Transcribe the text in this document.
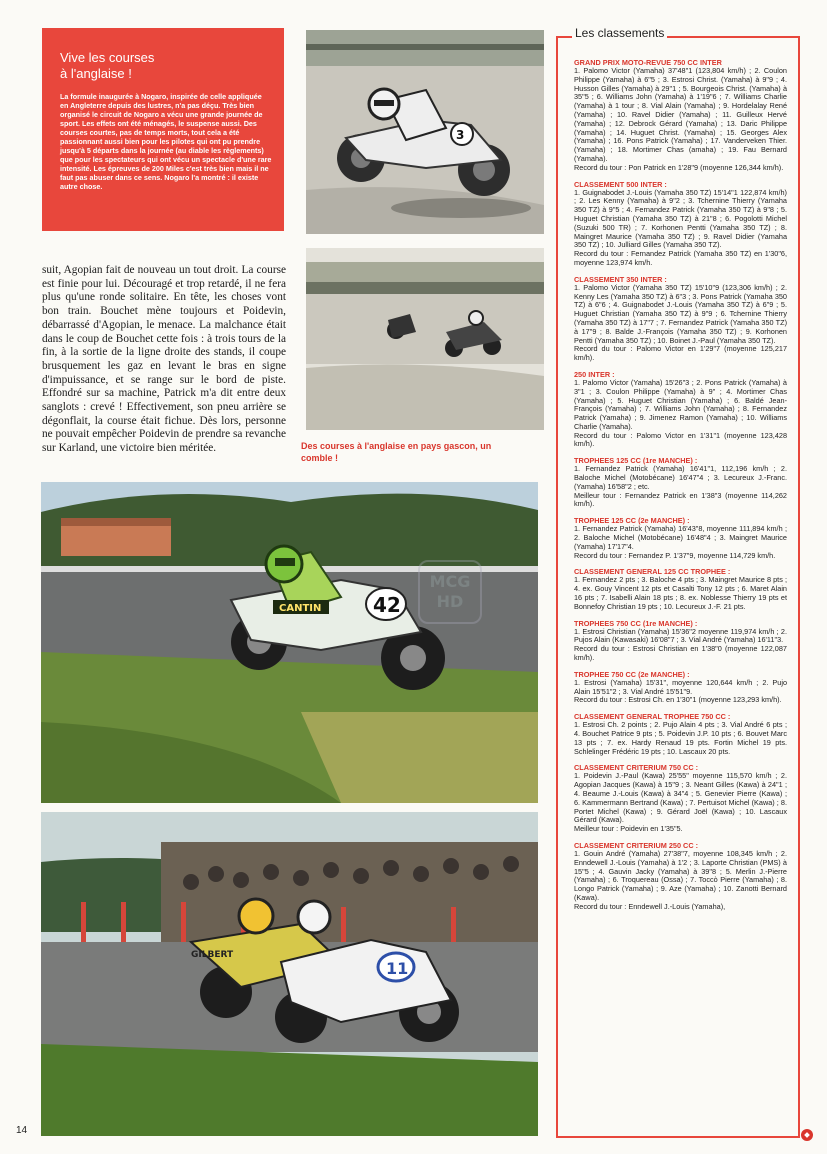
Vive les courses
à l'anglaise !

La formule inaugurée à Nogaro, inspirée de celle appliquée en Angleterre depuis des lustres, n'a pas déçu. Très bien organisé le circuit de Nogaro a vécu une grande journée de sport. Les effets ont été ménagés, le suspense aussi. Des courses courtes, pas de temps morts, tout cela a été passionnant aussi bien pour les pilotes qui ont pu prendre jusqu'à 5 départs dans la journée (au diable les règlements) que pour les spectateurs qui ont vécu un spectacle d'une rare intensité. Les épreuves de 200 Miles c'est très bien mais il ne faut pas abuser dans ce sens. Nogaro l'a montré : il existe autre chose.

3
suit, Agopian fait de nouveau un tout droit. La course est finie pour lui. Découragé et trop retardé, il ne fera plus qu'une ronde solitaire. En tête, les choses vont bon train. Bouchet mène toujours et Poidevin, débarrassé d'Agopian, le menace. La malchance était dans le coup de Bouchet cette fois : à trois tours de la fin, à la sortie de la ligne droite des stands, il coupe brusquement les gaz en levant le bras en signe d'impuissance, et se range sur le bord de piste. Effondré sur sa machine, Patrick m'a dit entre deux sanglots : crevé ! Effectivement, son pneu arrière se dégonflait, la course était fichue. Dès lors, personne ne pouvait empêcher Poidevin de prendre sa revanche sur Karland, une victoire bien méritée.	Des courses à l'anglaise en pays gascon, un comble !
CANTIN	42
MCG HD
11
GILBERT
GRAND PRIX MOTO-REVUE 750 CC INTER

1. Palomo Victor (Yamaha) 37'48"1 (123,804 km/h) ; 2. Coulon Philippe (Yamaha) à 6"5 ; 3. Estrosi Christ. (Yamaha) à 9"9 ; 4. Husson Gilles (Yamaha) à 29"1 ; 5. Bourgeois Christ. (Yamaha) à 35"5 ; 6. Williams John (Yamaha) à 1'19"6 ; 7. Williams Charlie (Yamaha) à 1 tour ; 8. Vial Alain (Yamaha) ; 9. Hordelalay René (Yamaha) ; 10. Ravel Didier (Yamaha) ; 11. Guilleux Hervé (Yamaha) ; 12. Debrock Gérard (Yamaha) ; 13. Daric Philippe (Yamaha) ; 14. Huguet Christ. (Yamaha) ; 15. Georges Alex (Yamaha) ; 16. Pons Patrick (Yamaha) ; 17. Vanderveken Thier. (Yamaha) ; 18. Mortimer Chas (amaha) ; 19. Fau Bernard (Yamaha).
Record du tour : Pon Patrick en 1'28"9 (moyenne 126,344 km/h).

CLASSEMENT 500 INTER :

1. Guignabodet J.-Louis (Yamaha 350 TZ) 15'14"1 122,874 km/h) ; 2. Les Kenny (Yamaha) à 9"2 ; 3. Tchernine Thierry (Yamaha 350 TZ) à 9"5 ; 4. Fernandez Patrick (Yamaha 350 TZ) à 9"8 ; 5. Huguet Christian (Yamaha 350 TZ) à 21"8 ; 6. Pogolotti Michel (Suzuki 500 TR) ; 7. Korhonen Pentti (Yamaha 350 TZ) ; 8. Maingret Maurice (Yamaha 350 TZ) ; 9. Ravel Didier (Yamaha 350 TZ) ; 10. Julliard Gilles (Yamaha 350 TZ).
Record du tour : Fernandez Patrick (Yamaha 350 TZ) en 1'30"6, moyenne 123,974 km/h.

CLASSEMENT 350 INTER :

1. Palomo Victor (Yamaha 350 TZ) 15'10"9 (123,306 km/h) ; 2. Kenny Les (Yamaha 350 TZ) à 6"3 ; 3. Pons Patrick (Yamaha 350 TZ) à 6"6 ; 4. Guignabodet J.-Louis (Yamaha 350 TZ) à 6"9 ; 5. Huguet Christian (Yamaha 350 TZ) à 9"9 ; 6. Tchernine Thierry (Yamaha 350 TZ) à 17"7 ; 7. Fernandez Patrick (Yamaha 350 TZ) à 17"9 ; 8. Balde J.-François (Yamaha 350 TZ) ; 9. Korhonen Pentti (Yamaha 350 TZ) ; 10. Boinet J.-Paul (Yamaha 350 TZ).
Record du tour : Palomo Victor en 1'29"7 (moyenne 125,217 km/h).

250 INTER :

1. Palomo Victor (Yamaha) 15'26"3 ; 2. Pons Patrick (Yamaha) à 3"1 ; 3. Coulon Philippe (Yamaha) à 9" ; 4. Mortimer Chas (Yamaha) ; 5. Huguet Christian (Yamaha) ; 6. Baldé Jean-François (Yamaha) ; 7. Williams John (Yamaha) ; 8. Fernandez Patrick (Yamaha) ; 9. Jimenez Ramon (Yamaha) ; 10. Williams Charlie (Yamaha).
Record du tour : Palomo Victor en 1'31"1 (moyenne 123,428 km/h).

TROPHEES 125 CC (1re MANCHE) :

1. Fernandez Patrick (Yamaha) 16'41"1, 112,196 km/h ; 2. Baloche Michel (Motobécane) 16'47"4 ; 3. Lecureux J.-Franc. (Yamaha) 16'58"2 ; etc.
Meilleur tour : Fernandez Patrick en 1'38"3 (moyenne 114,262 km/h).

TROPHEE 125 CC (2e MANCHE) :

1. Fernandez Patrick (Yamaha) 16'43"8, moyenne 111,894 km/h ; 2. Baloche Michel (Motobécane) 16'48"4 ; 3. Maingret Maurice (Yamaha) 17'17"4.
Record du tour : Fernandez P. 1'37"9, moyenne 114,729 km/h.

CLASSEMENT GENERAL 125 CC TROPHEE :

1. Fernandez 2 pts ; 3. Baloche 4 pts ; 3. Maingret Maurice 8 pts ; 4. ex. Gouy Vincent 12 pts et Casalti Tony 12 pts ; 6. Maret Alain 16 pts ; 7. Isabelli Alain 18 pts ; 8. ex. Noblesse Thierry 19 pts et Bonnefoy Christian 19 pts ; 10. Lecureux J.-F. 21 pts.

TROPHEES 750 CC (1re MANCHE) :

1. Estrosi Christian (Yamaha) 15'36"2 moyenne 119,974 km/h ; 2. Pujos Alain (Kawasaki) 16'08"7 ; 3. Vial André (Yamaha) 16'11"3.
Record du tour : Estrosi Christian en 1'38"0 (moyenne 122,087 km/h).

TROPHEE 750 CC (2e MANCHE) :

1. Estrosi (Yamaha) 15'31", moyenne 120,644 km/h ; 2. Pujo Alain 15'51"2 ; 3. Vial André 15'51"9.
Record du tour : Estrosi Ch. en 1'30"1 (moyenne 123,293 km/h).

CLASSEMENT GENERAL TROPHEE 750 CC :

1. Estrosi Ch. 2 points ; 2. Pujo Alain 4 pts ; 3. Vial André 6 pts ; 4. Bouchet Patrice 9 pts ; 5. Poidevin J.P. 10 pts ; 6. Bouvet Marc 13 pts ; 7. ex. Hardy Renaud 19 pts. Fortin Michel 19 pts. Schlelinger Frédéric 19 pts ; 10. Lascaux 20 pts.

CLASSEMENT CRITERIUM 750 CC :

1. Poidevin J.-Paul (Kawa) 25'55" moyenne 115,570 km/h ; 2. Agopian Jacques (Kawa) à 15"9 ; 3. Neant Gilles (Kawa) à 24"1 ; 4. Beaume J.-Louis (Kawa) à 34"4 ; 5. Genevier Pierre (Kawa) ; 6. Kammermann Bertrand (Kawa) ; 7. Pertuisot Michel (Kawa) ; 8. Portet Michel (Kawa) ; 9. Gérard Joël (Kawa) ; 10. Lascaux Gérard (Kawa).
Meilleur tour : Poidevin en 1'35"5.

CLASSEMENT CRITERIUM 250 CC :

1. Gouin André (Yamaha) 27'38"7, moyenne 108,345 km/h ; 2. Enndewell J.-Louis (Yamaha) à 1'2 ; 3. Laporte Christian (PMS) à 15"5 ; 4. Gauvin Jacky (Yamaha) à 39"8 ; 5. Merlin J.-Pierre (Yamaha) ; 6. Troquereau (Ossa) ; 7. Toccò Pierre (Yamaha) ; 8. Longo Patrick (Yamaha) ; 9. Aze (Yamaha) ; 10. Zanotti Bernard (Kawa).
Record du tour : Enndewell J.-Louis (Yamaha),

Les classements
14
